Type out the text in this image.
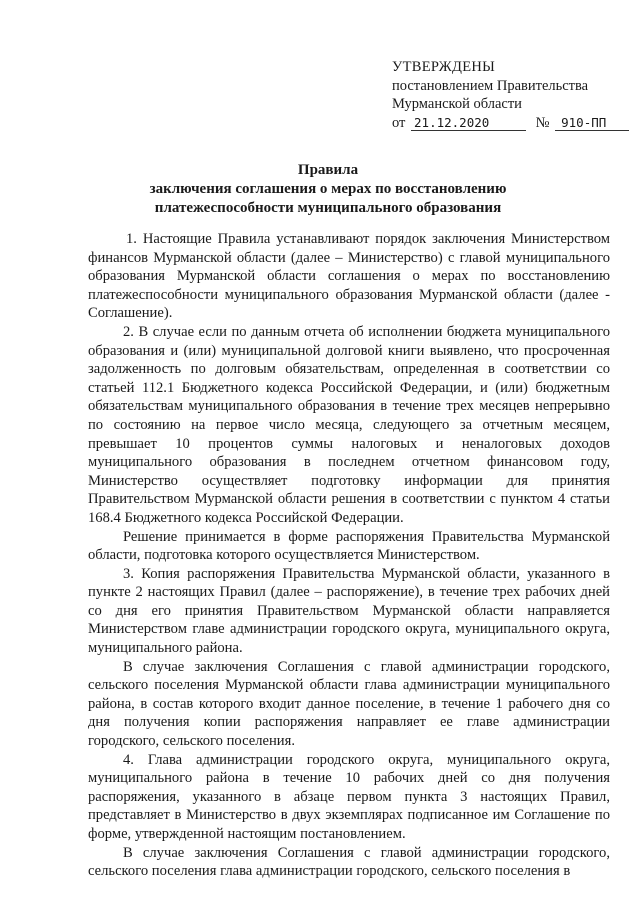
УТВЕРЖДЕНЫ
постановлением Правительства
Мурманской области
от 21.12.2020	№ 910-ПП
Правила
заключения соглашения о мерах по восстановлению
платежеспособности муниципального образования

1. Настоящие Правила устанавливают порядок заключения Министерством финансов Мурманской области (далее – Министерство) с главой муниципального образования Мурманской области соглашения о мерах по восстановлению платежеспособности муниципального образования Мурманской области (далее - Соглашение).

2. В случае если по данным отчета об исполнении бюджета муниципального образования и (или) муниципальной долговой книги выявлено, что просроченная задолженность по долговым обязательствам, определенная в соответствии со статьей 112.1 Бюджетного кодекса Российской Федерации, и (или) бюджетным обязательствам муниципального образования в течение трех месяцев непрерывно по состоянию на первое число месяца, следующего за отчетным месяцем, превышает 10 процентов суммы налоговых и неналоговых доходов муниципального образования в последнем отчетном финансовом году, Министерство осуществляет подготовку информации для принятия Правительством Мурманской области решения в соответствии с пунктом 4 статьи 168.4 Бюджетного кодекса Российской Федерации.

Решение принимается в форме распоряжения Правительства Мурманской области, подготовка которого осуществляется Министерством.

3. Копия распоряжения Правительства Мурманской области, указанного в пункте 2 настоящих Правил (далее – распоряжение), в течение трех рабочих дней со дня его принятия Правительством Мурманской области направляется Министерством главе администрации городского округа, муниципального округа, муниципального района.

В случае заключения Соглашения с главой администрации городского, сельского поселения Мурманской области глава администрации муниципального района, в состав которого входит данное поселение, в течение 1 рабочего дня со дня получения копии распоряжения направляет ее главе администрации городского, сельского поселения.

4. Глава администрации городского округа, муниципального округа, муниципального района в течение 10 рабочих дней со дня получения распоряжения, указанного в абзаце первом пункта 3 настоящих Правил, представляет в Министерство в двух экземплярах подписанное им Соглашение по форме, утвержденной настоящим постановлением.

В случае заключения Соглашения с главой администрации городского, сельского поселения глава администрации городского, сельского поселения в
